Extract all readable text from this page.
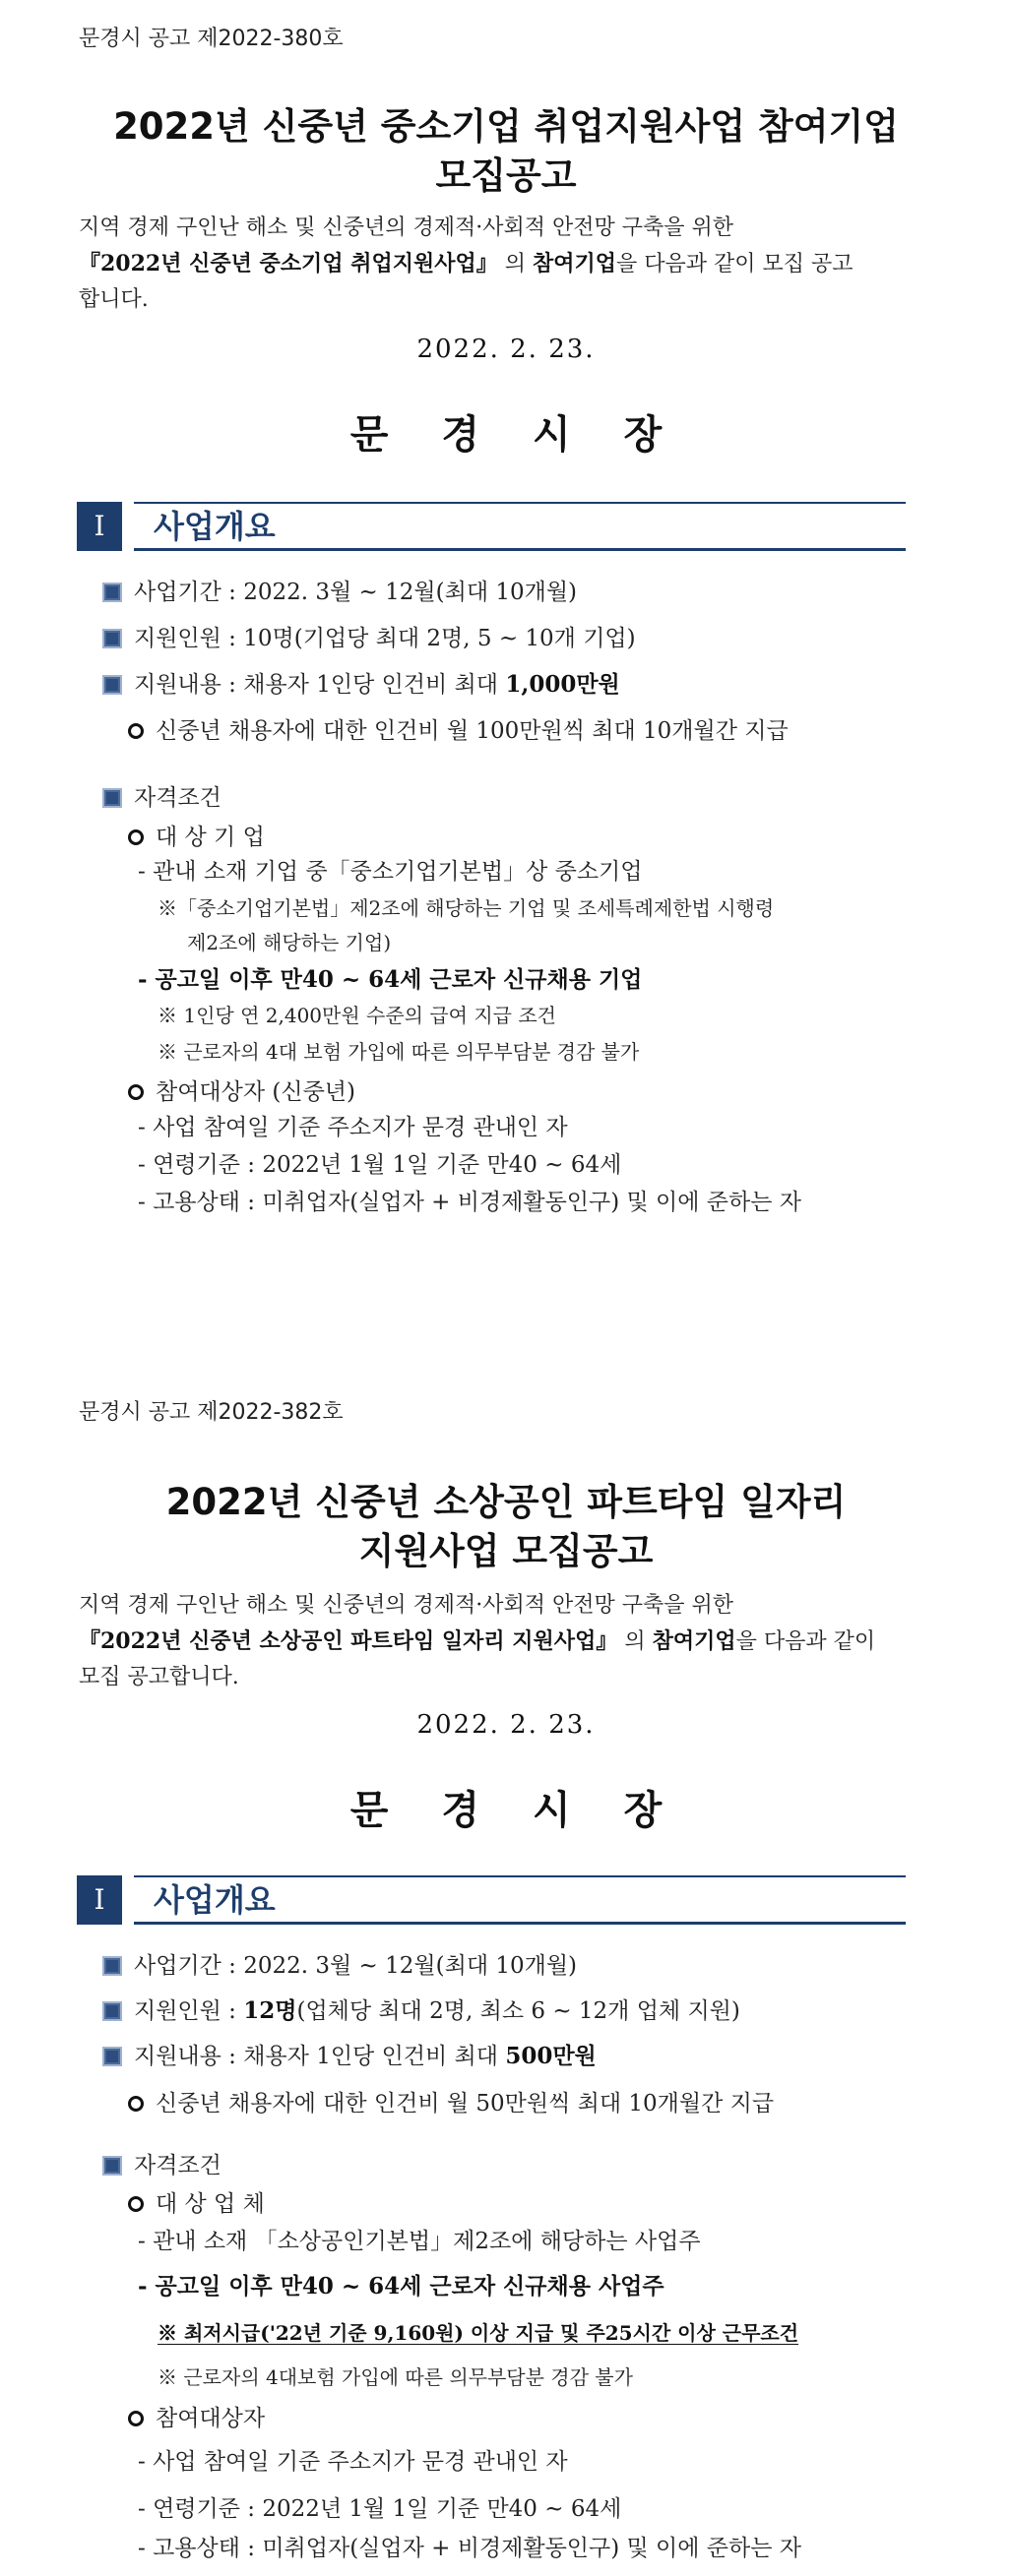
문경시 공고 제2022-380호
2022년 신중년 중소기업 취업지원사업 참여기업
모집공고
지역 경제 구인난 해소 및 신중년의 경제적·사회적 안전망 구축을 위한
『2022년 신중년 중소기업 취업지원사업』 의 참여기업을 다음과 같이 모집 공고
합니다.
2022. 2. 23.
문경시장
Ⅰ	사업개요
사업기간 : 2022. 3월 ~ 12월(최대 10개월)
지원인원 : 10명(기업당 최대 2명, 5 ~ 10개 기업)
지원내용 : 채용자 1인당 인건비 최대 1,000만원
신중년 채용자에 대한 인건비 월 100만원씩 최대 10개월간 지급
자격조건
대 상 기 업
- 관내 소재 기업 중「중소기업기본법」상 중소기업
※「중소기업기본법」제2조에 해당하는 기업 및 조세특례제한법 시행령
제2조에 해당하는 기업)
- 공고일 이후 만40 ~ 64세 근로자 신규채용 기업
※ 1인당 연 2,400만원 수준의 급여 지급 조건
※ 근로자의 4대 보험 가입에 따른 의무부담분 경감 불가
참여대상자 (신중년)
- 사업 참여일 기준 주소지가 문경 관내인 자
- 연령기준 : 2022년 1월 1일 기준 만40 ~ 64세
- 고용상태 : 미취업자(실업자 + 비경제활동인구) 및 이에 준하는 자
문경시 공고 제2022-382호
2022년 신중년 소상공인 파트타임 일자리
지원사업 모집공고
지역 경제 구인난 해소 및 신중년의 경제적·사회적 안전망 구축을 위한
『2022년 신중년 소상공인 파트타임 일자리 지원사업』 의 참여기업을 다음과 같이
모집 공고합니다.
2022. 2. 23.
문경시장
Ⅰ	사업개요
사업기간 : 2022. 3월 ~ 12월(최대 10개월)
지원인원 : 12명(업체당 최대 2명, 최소 6 ~ 12개 업체 지원)
지원내용 : 채용자 1인당 인건비 최대 500만원
신중년 채용자에 대한 인건비 월 50만원씩 최대 10개월간 지급
자격조건
대 상 업 체
- 관내 소재 「소상공인기본법」제2조에 해당하는 사업주
- 공고일 이후 만40 ~ 64세 근로자 신규채용 사업주
※ 최저시급('22년 기준 9,160원) 이상 지급 및 주25시간 이상 근무조건
※ 근로자의 4대보험 가입에 따른 의무부담분 경감 불가
참여대상자
- 사업 참여일 기준 주소지가 문경 관내인 자
- 연령기준 : 2022년 1월 1일 기준 만40 ~ 64세
- 고용상태 : 미취업자(실업자 + 비경제활동인구) 및 이에 준하는 자
